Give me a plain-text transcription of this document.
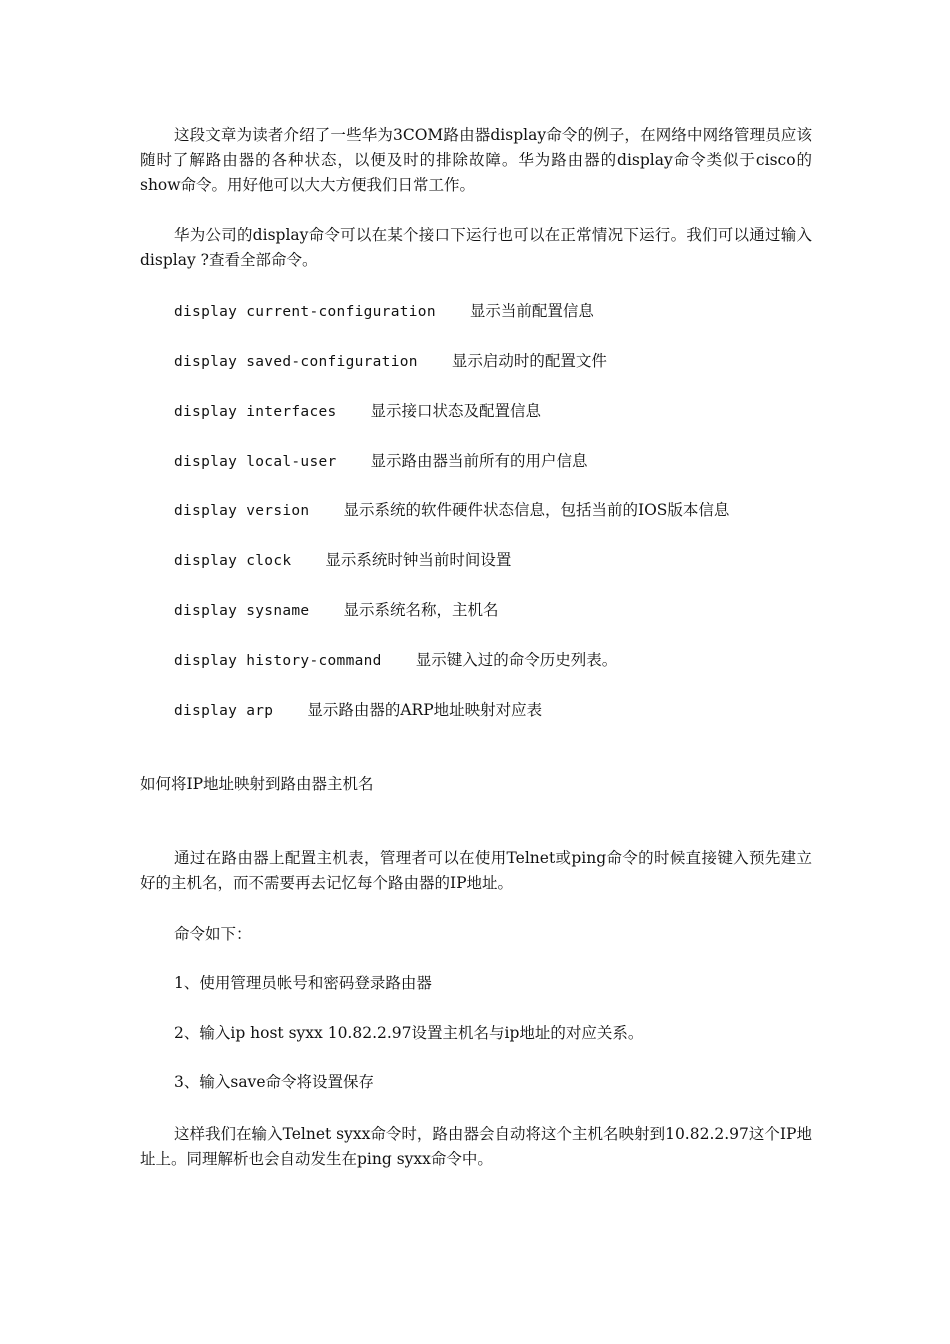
这段文章为读者介绍了一些华为3COM路由器display命令的例子，在网络中网络管理员应该随时了解路由器的各种状态，以便及时的排除故障。华为路由器的display命令类似于cisco的show命令。用好他可以大大方便我们日常工作。

华为公司的display命令可以在某个接口下运行也可以在正常情况下运行。我们可以通过输入display ?查看全部命令。

display current-configuration 显示当前配置信息

display saved-configuration 显示启动时的配置文件

display interfaces 显示接口状态及配置信息

display local-user 显示路由器当前所有的用户信息

display version 显示系统的软件硬件状态信息，包括当前的IOS版本信息

display clock 显示系统时钟当前时间设置

display sysname 显示系统名称，主机名

display history-command 显示键入过的命令历史列表。

display arp 显示路由器的ARP地址映射对应表

如何将IP地址映射到路由器主机名

通过在路由器上配置主机表，管理者可以在使用Telnet或ping命令的时候直接键入预先建立好的主机名，而不需要再去记忆每个路由器的IP地址。

命令如下：

1、使用管理员帐号和密码登录路由器

2、输入ip host syxx 10.82.2.97设置主机名与ip地址的对应关系。

3、输入save命令将设置保存

这样我们在输入Telnet syxx命令时，路由器会自动将这个主机名映射到10.82.2.97这个IP地址上。同理解析也会自动发生在ping syxx命令中。
